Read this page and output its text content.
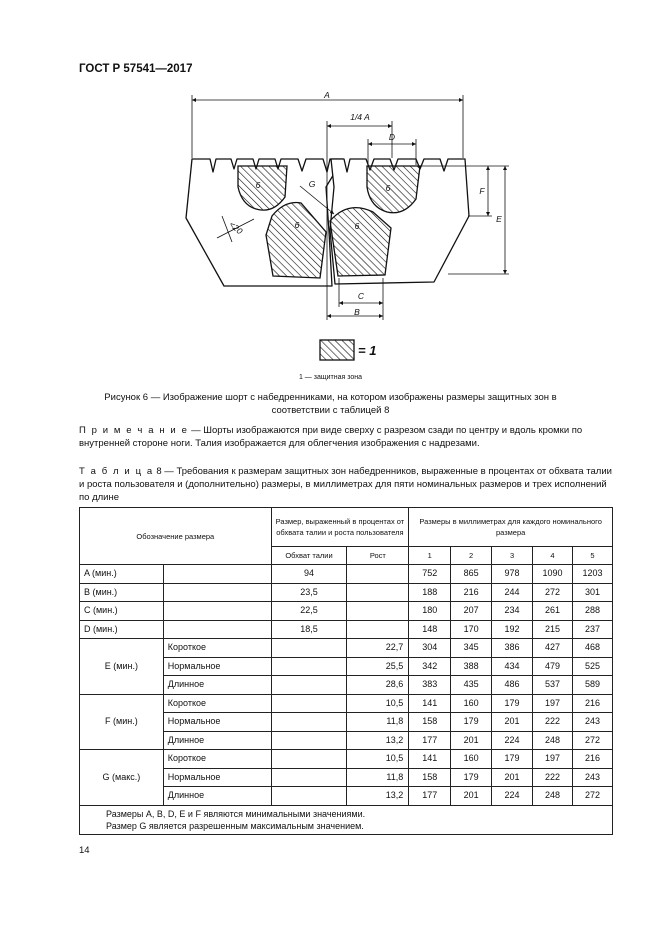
ГОСТ Р 57541—2017
A
1/4 A
D
F
E
G
C
B
<20
6
6
6
6
= 1
1 — защитная зона
Рисунок 6 — Изображение шорт с набедренниками, на котором изображены размеры защитных зон в соответствии с таблицей 8
П р и м е ч а н и е — Шорты изображаются при виде сверху с разрезом сзади по центру и вдоль кромки по внутренней стороне ноги. Талия изображается для облегчения изображения с надрезами.
Т а б л и ц а 8 — Требования к размерам защитных зон набедренников, выраженные в процентах от обхвата талии и роста пользователя и (дополнительно) размеры, в миллиметрах для пяти номинальных размеров и трех исполнений по длине
Обозначение размера		Размер, выраженный в процентах от обхвата талии и роста пользователя		Размеры в миллиметрах для каждого номинального размера				
		Обхват талии	Рост	1	2	3	4	5
A (мин.)		94		752	865	978	1090	1203
B (мин.)		23,5		188	216	244	272	301
C (мин.)		22,5		180	207	234	261	288
D (мин.)		18,5		148	170	192	215	237
E (мин.)	Короткое		22,7	304	345	386	427	468
	Нормальное		25,5	342	388	434	479	525
	Длинное		28,6	383	435	486	537	589
F (мин.)	Короткое		10,5	141	160	179	197	216
	Нормальное		11,8	158	179	201	222	243
	Длинное		13,2	177	201	224	248	272
G (макс.)	Короткое		10,5	141	160	179	197	216
	Нормальное		11,8	158	179	201	222	243
	Длинное		13,2	177	201	224	248	272

Размеры A, B, D, E и F являются минимальными значениями.
Размер G является разрешенным максимальным значением.								
14
